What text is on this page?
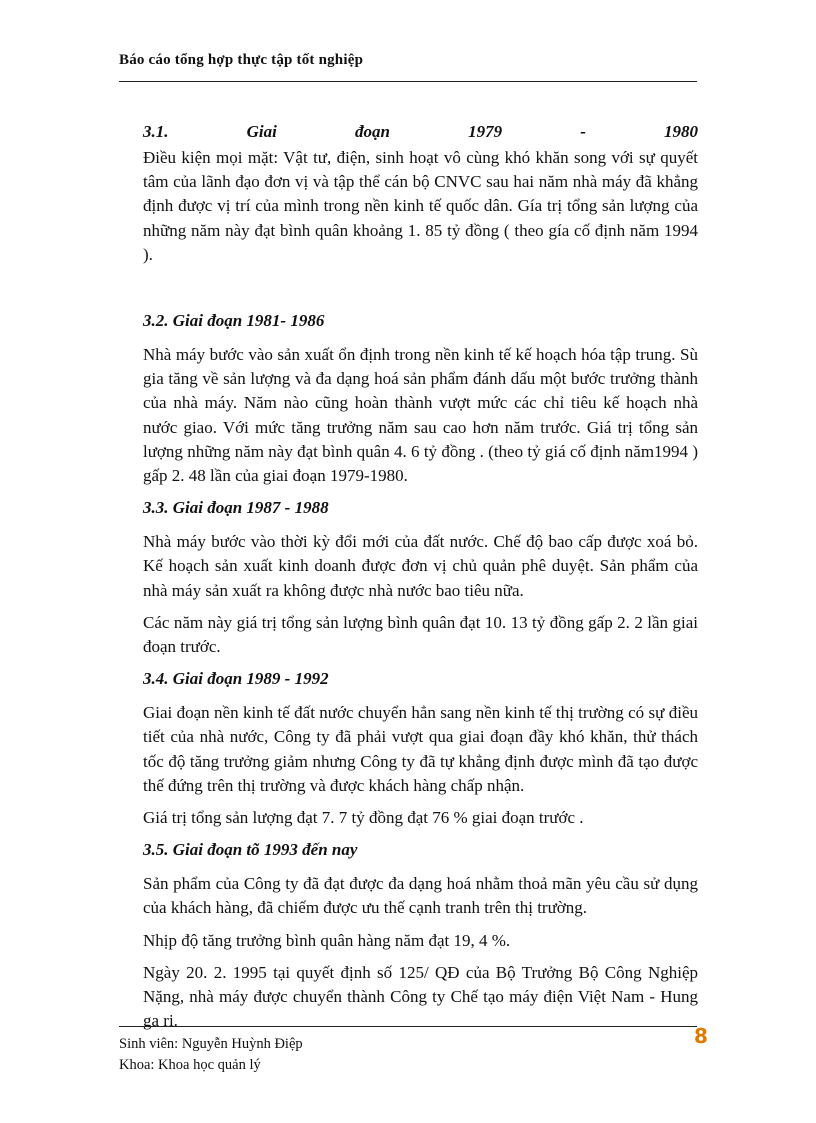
Báo cáo tổng hợp thực tập tốt nghiệp
3.1.	Giai	đoạn	1979	-	1980

Điều kiện mọi mặt: Vật tư, điện, sinh hoạt vô cùng khó khăn song với sự quyết tâm của lãnh đạo đơn vị và tập thể cán bộ CNVC sau hai năm nhà máy đã khẳng định được vị trí của mình trong nền kinh tế quốc dân. Gía trị tổng sản lượng của những năm này đạt bình quân khoảng 1. 85 tỷ đồng ( theo gía cố định năm 1994 ).

3.2. Giai đoạn 1981- 1986

Nhà máy bước vào sản xuất ổn định trong nền kinh tế kế hoạch hóa tập trung. Sù gia tăng về sản lượng và đa dạng hoá sản phẩm đánh dấu một bước trưởng thành của nhà máy. Năm nào cũng hoàn thành vượt mức các chỉ tiêu kế hoạch nhà nước giao. Với mức tăng trưởng năm sau cao hơn năm trước. Giá trị tổng sản lượng những năm này đạt bình quân 4. 6 tỷ đồng . (theo tỷ giá cố định năm1994 ) gấp 2. 48 lần của giai đoạn 1979-1980.

3.3. Giai đoạn 1987 - 1988

Nhà máy bước vào thời kỳ đổi mới của đất nước. Chế độ bao cấp được xoá bỏ. Kế hoạch sản xuất kinh doanh được đơn vị chủ quản phê duyệt. Sản phẩm của nhà máy sản xuất ra không được nhà nước bao tiêu nữa.

Các năm này giá trị tổng sản lượng bình quân đạt 10. 13 tỷ đồng gấp 2. 2 lần giai đoạn trước.

3.4. Giai đoạn 1989 - 1992

Giai đoạn nền kinh tế đất nước chuyển hẳn sang nền kinh tế thị trường có sự điều tiết của nhà nước, Công ty đã phải vượt qua giai đoạn đầy khó khăn, thử thách tốc độ tăng trưởng giảm nhưng Công ty đã tự khẳng định được mình đã tạo được thế đứng trên thị trường và được khách hàng chấp nhận.

Giá trị tổng sản lượng đạt 7. 7 tỷ đồng đạt 76 % giai đoạn trước .

3.5. Giai đoạn tõ 1993 đến nay

Sản phẩm của Công ty đã đạt được đa dạng hoá nhằm thoả mãn yêu cầu sử dụng của khách hàng, đã chiếm được ưu thế cạnh tranh trên thị trường.

Nhịp độ tăng trưởng bình quân hàng năm đạt 19, 4 %.

Ngày 20. 2. 1995 tại quyết định số 125/ QĐ của Bộ Trưởng Bộ Công Nghiệp Nặng, nhà máy được chuyển thành Công ty Chế tạo máy điện Việt Nam - Hung ga ri.

8
Sinh viên: Nguyễn Huỳnh Điệp
Khoa: Khoa học quản lý
